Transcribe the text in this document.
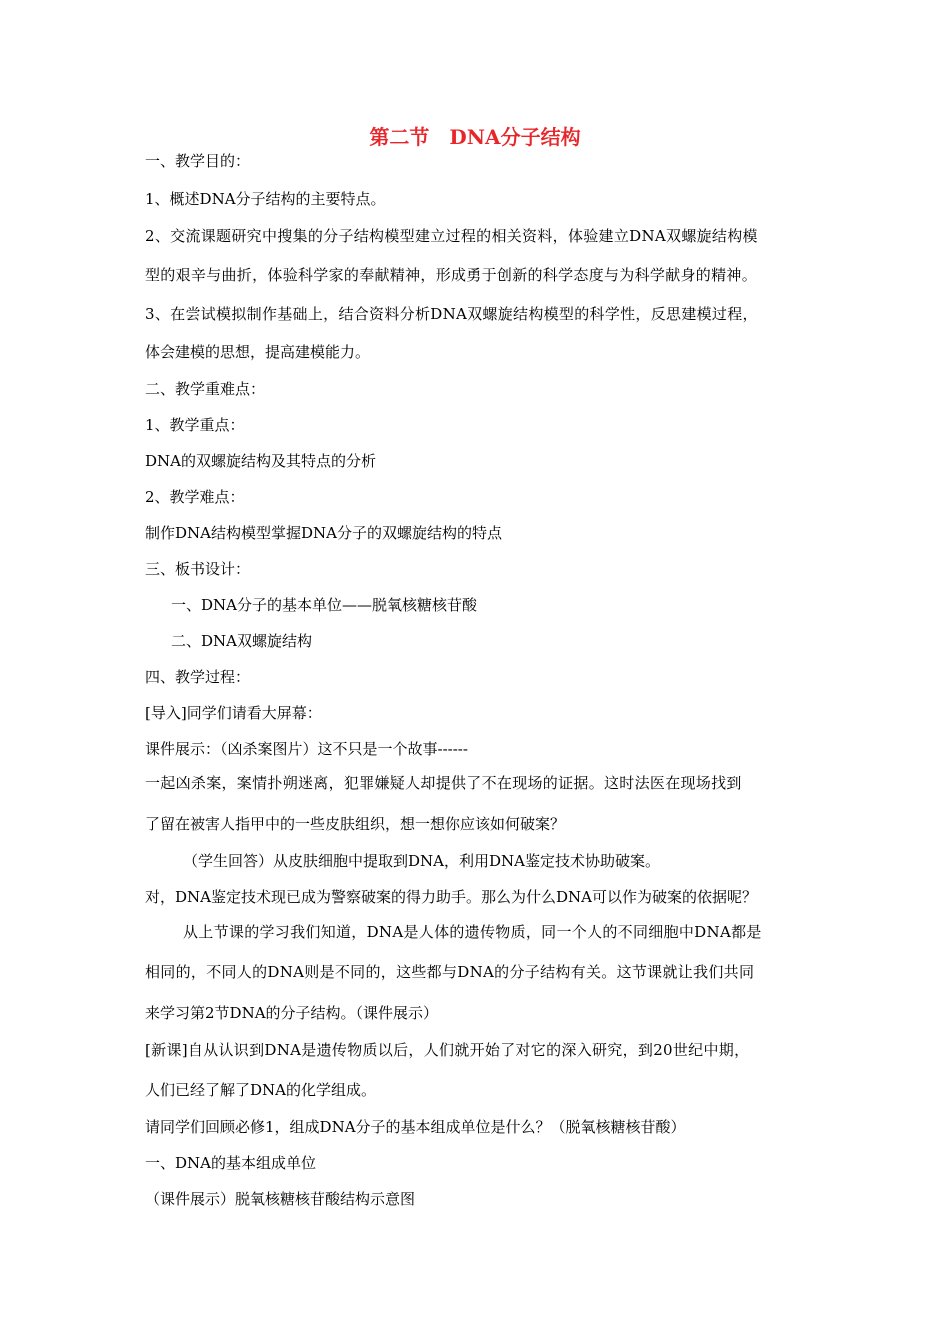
第二节　DNA分子结构
一、教学目的：
1、概述DNA分子结构的主要特点。
2、交流课题研究中搜集的分子结构模型建立过程的相关资料，体验建立DNA双螺旋结构模
型的艰辛与曲折，体验科学家的奉献精神，形成勇于创新的科学态度与为科学献身的精神。
3、在尝试模拟制作基础上，结合资料分析DNA双螺旋结构模型的科学性，反思建模过程，
体会建模的思想，提高建模能力。
二、教学重难点：
1、教学重点：
DNA的双螺旋结构及其特点的分析
2、教学难点：
制作DNA结构模型掌握DNA分子的双螺旋结构的特点
三、板书设计：
一、DNA分子的基本单位——脱氧核糖核苷酸
二、DNA双螺旋结构
四、教学过程：
[导入]同学们请看大屏幕：
课件展示：（凶杀案图片）这不只是一个故事------
一起凶杀案，案情扑朔迷离，犯罪嫌疑人却提供了不在现场的证据。这时法医在现场找到
了留在被害人指甲中的一些皮肤组织，想一想你应该如何破案？
（学生回答）从皮肤细胞中提取到DNA，利用DNA鉴定技术协助破案。
对，DNA鉴定技术现已成为警察破案的得力助手。那么为什么DNA可以作为破案的依据呢？
从上节课的学习我们知道，DNA是人体的遗传物质，同一个人的不同细胞中DNA都是
相同的，不同人的DNA则是不同的，这些都与DNA的分子结构有关。这节课就让我们共同
来学习第2节DNA的分子结构。（课件展示）
[新课]自从认识到DNA是遗传物质以后，人们就开始了对它的深入研究，到20世纪中期，
人们已经了解了DNA的化学组成。
请同学们回顾必修1，组成DNA分子的基本组成单位是什么？（脱氧核糖核苷酸）
一、DNA的基本组成单位
（课件展示）脱氧核糖核苷酸结构示意图
